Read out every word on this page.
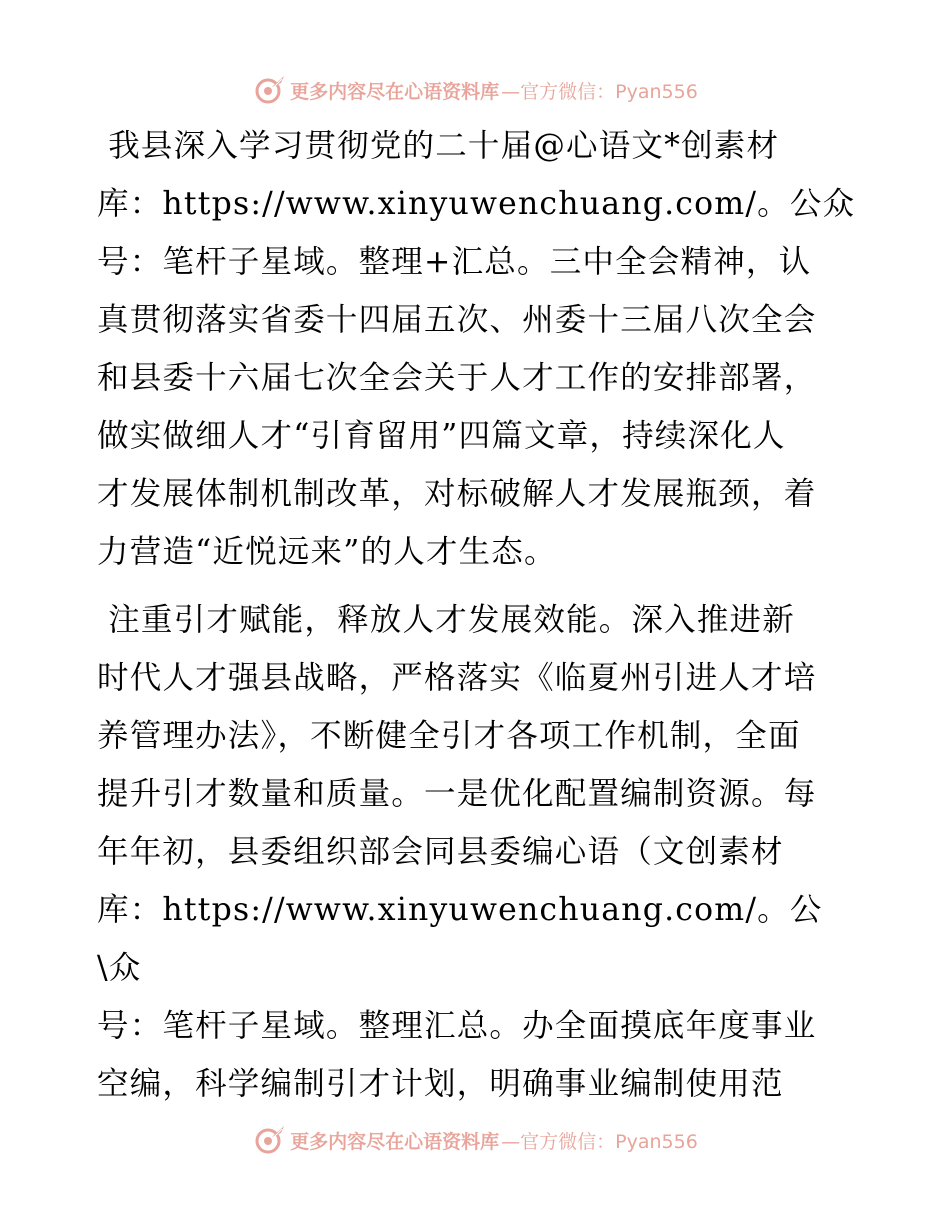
更多内容尽在心语资料库 —官方微信：Pyan556

我县深入学习贯彻党的二十届@心语文*创素材

库：https://www.xinyuwenchuang.com/。公众

号：笔杆子星域。整理+汇总。三中全会精神，认

真贯彻落实省委十四届五次、州委十三届八次全会

和县委十六届七次全会关于人才工作的安排部署，

做实做细人才“引育留用”四篇文章，持续深化人

才发展体制机制改革，对标破解人才发展瓶颈，着

力营造“近悦远来”的人才生态。

注重引才赋能，释放人才发展效能。深入推进新

时代人才强县战略，严格落实《临夏州引进人才培

养管理办法》，不断健全引才各项工作机制，全面

提升引才数量和质量。一是优化配置编制资源。每

年年初，县委组织部会同县委编心语（文创素材

库：https://www.xinyuwenchuang.com/。公\众

号：笔杆子星域。整理汇总。办全面摸底年度事业

空编，科学编制引才计划，明确事业编制使用范

更多内容尽在心语资料库 —官方微信：Pyan556
